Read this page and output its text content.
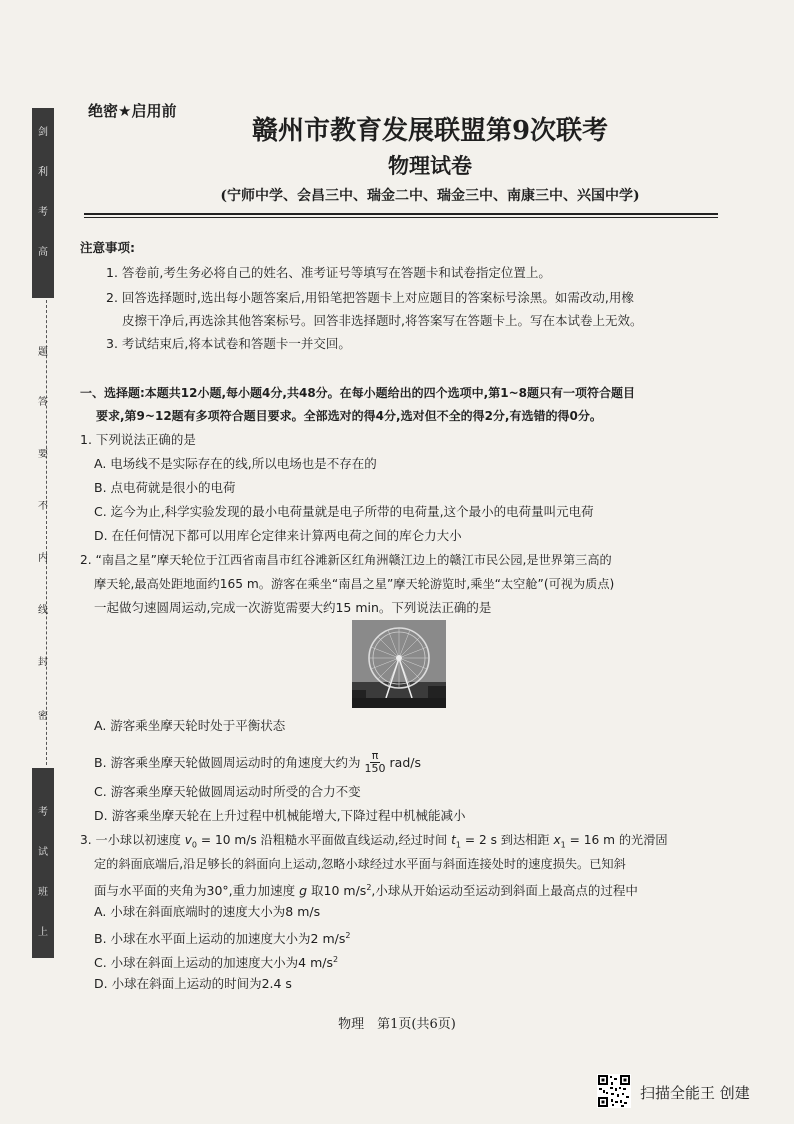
剑
利
考
高
题
答
要
不
内
线
封
密
考
试
班
上
绝密★启用前
赣州市教育发展联盟第9次联考
物理试卷
(宁师中学、会昌三中、瑞金二中、瑞金三中、南康三中、兴国中学)
注意事项:
1. 答卷前,考生务必将自己的姓名、准考证号等填写在答题卡和试卷指定位置上。
2. 回答选择题时,选出每小题答案后,用铅笔把答题卡上对应题目的答案标号涂黑。如需改动,用橡
皮擦干净后,再选涂其他答案标号。回答非选择题时,将答案写在答题卡上。写在本试卷上无效。
3. 考试结束后,将本试卷和答题卡一并交回。
一、选择题:本题共12小题,每小题4分,共48分。在每小题给出的四个选项中,第1~8题只有一项符合题目
要求,第9~12题有多项符合题目要求。全部选对的得4分,选对但不全的得2分,有选错的得0分。
1. 下列说法正确的是
A. 电场线不是实际存在的线,所以电场也是不存在的
B. 点电荷就是很小的电荷
C. 迄今为止,科学实验发现的最小电荷量就是电子所带的电荷量,这个最小的电荷量叫元电荷
D. 在任何情况下都可以用库仑定律来计算两电荷之间的库仑力大小
2. “南昌之星”摩天轮位于江西省南昌市红谷滩新区红角洲赣江边上的赣江市民公园,是世界第三高的
摩天轮,最高处距地面约165 m。游客在乘坐“南昌之星”摩天轮游览时,乘坐“太空舱”(可视为质点)
一起做匀速圆周运动,完成一次游览需要大约15 min。下列说法正确的是
A. 游客乘坐摩天轮时处于平衡状态
B. 游客乘坐摩天轮做圆周运动时的角速度大约为 $\frac{\pi}{150} rad/s$
C. 游客乘坐摩天轮做圆周运动时所受的合力不变
D. 游客乘坐摩天轮在上升过程中机械能增大,下降过程中机械能减小
3. 一小球以初速度 $v_0 = 10$ m/s 沿粗糙水平面做直线运动,经过时间 $t_1 = 2$ s 到达相距 $x_1 = 16$ m 的光滑固
定的斜面底端后,沿足够长的斜面向上运动,忽略小球经过水平面与斜面连接处时的速度损失。已知斜
面与水平面的夹角为30°,重力加速度 g 取10 $m/s^2$,小球从开始运动至运动到斜面上最高点的过程中
A. 小球在斜面底端时的速度大小为8 m/s
B. 小球在水平面上运动的加速度大小为2 $m/s^2$
C. 小球在斜面上运动的加速度大小为4 $m/s^2$
D. 小球在斜面上运动的时间为2.4 s
物理　第1页(共6页)
扫描全能王 创建
